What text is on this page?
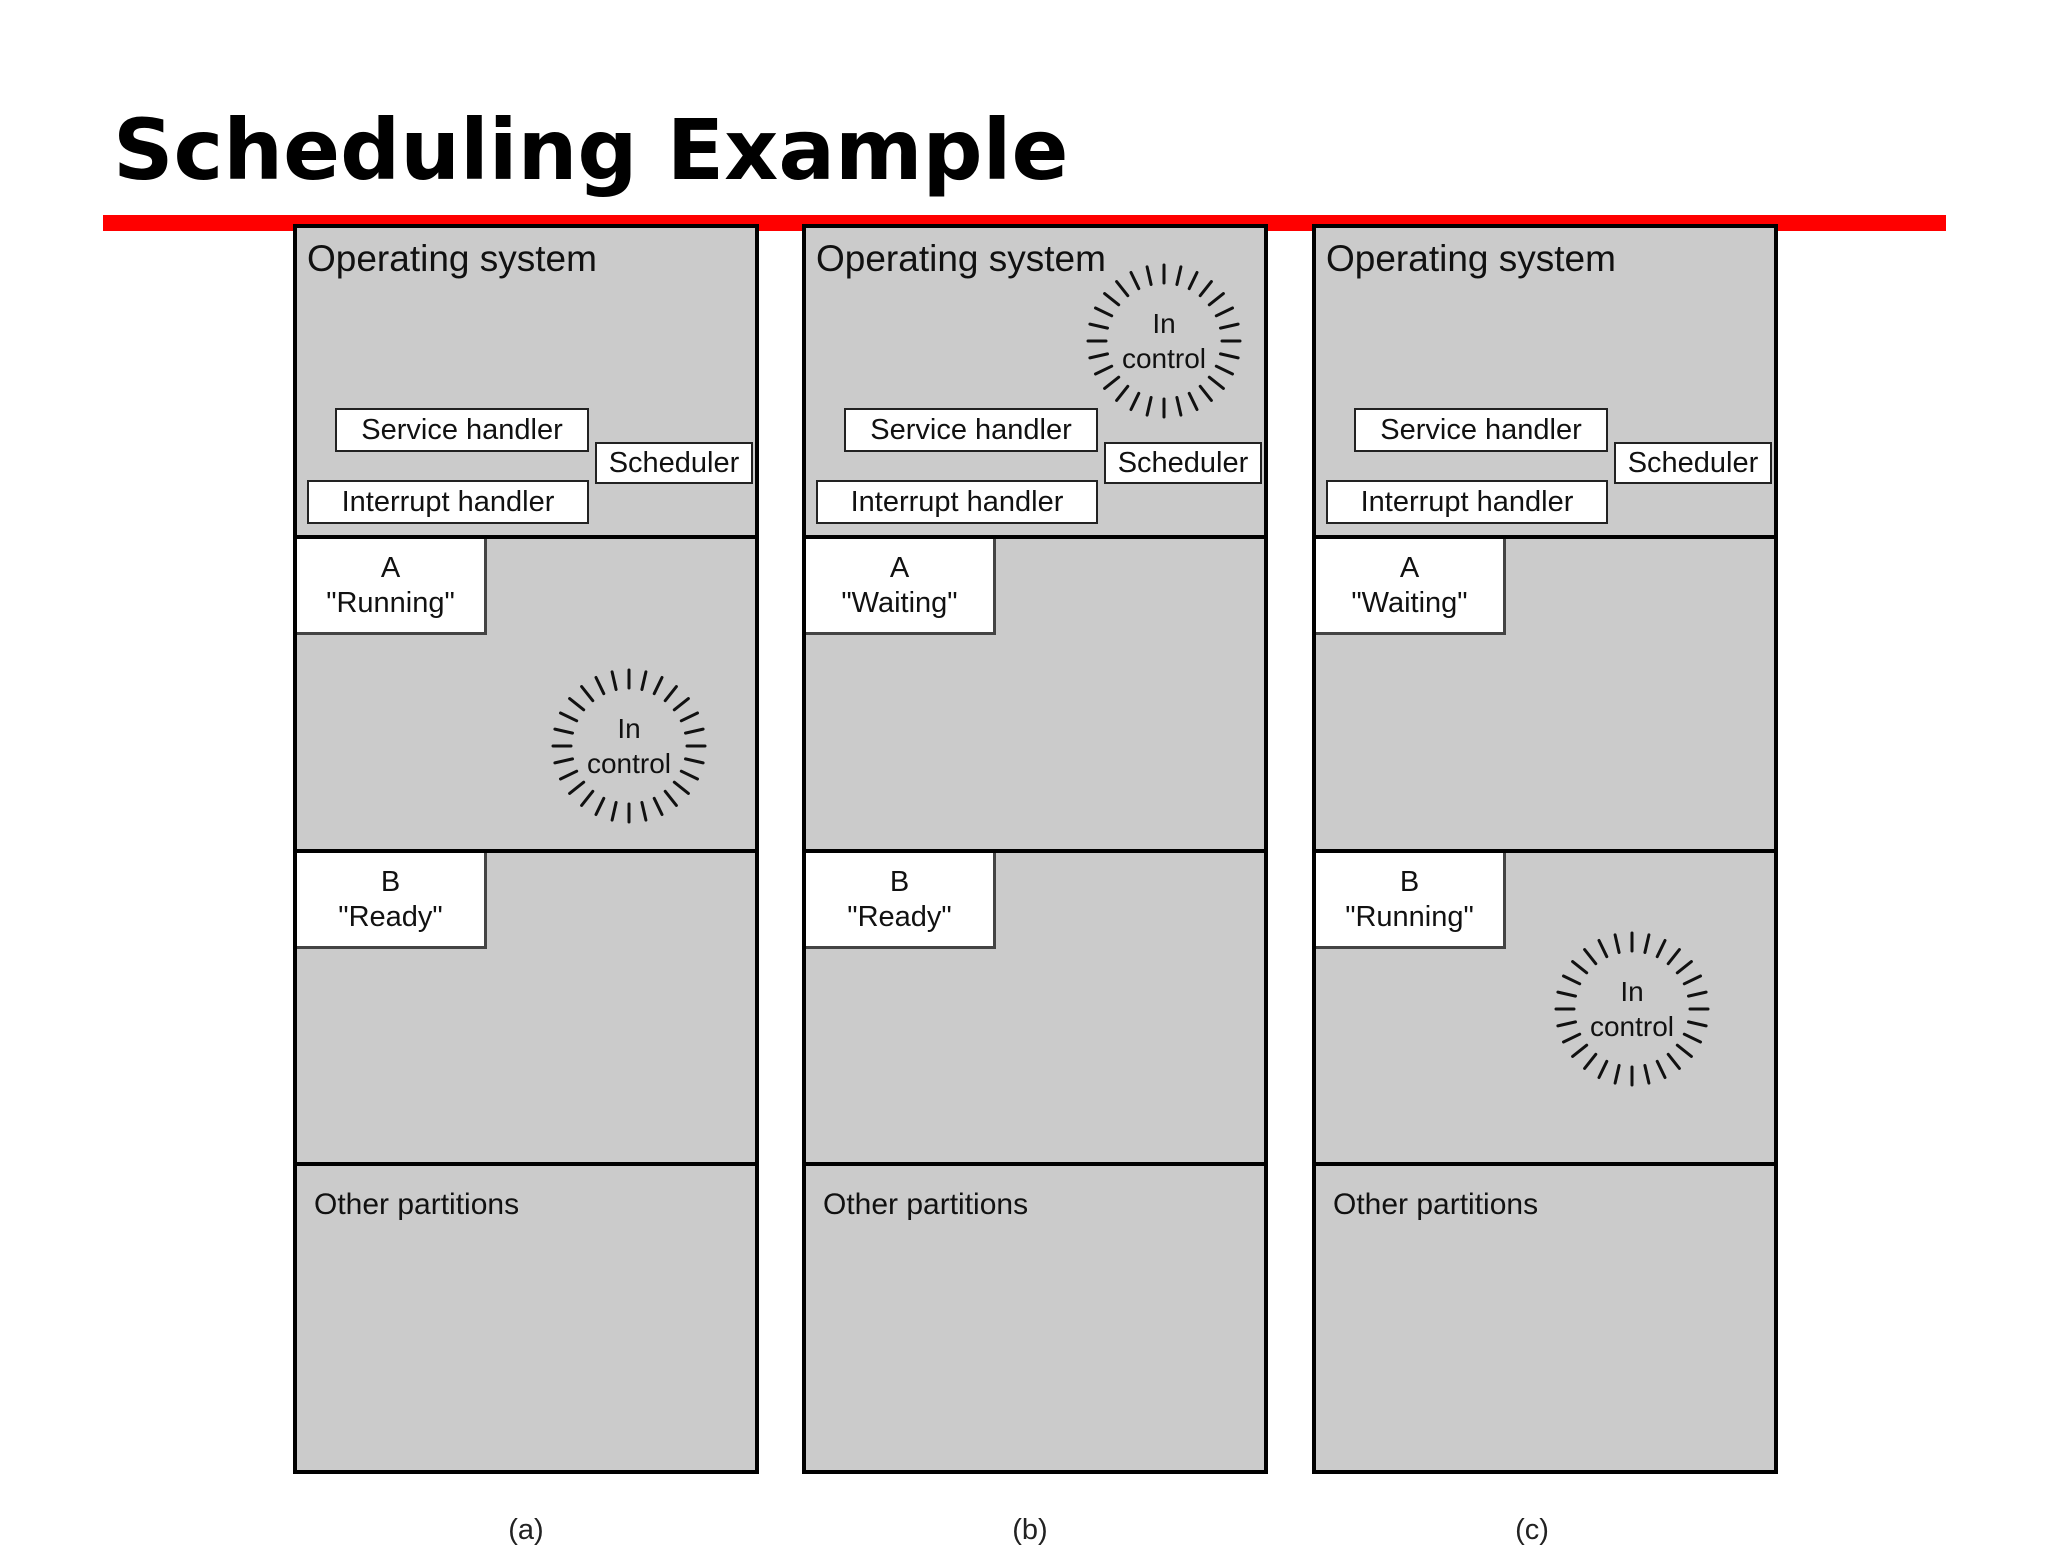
Scheduling Example
Operating system
Service handler
Scheduler
Interrupt handler
A
"Running"
In
control
B
"Ready"
Other partitions
(a)
Operating system
In
control
Service handler
Scheduler
Interrupt handler
A
"Waiting"
B
"Ready"
Other partitions
(b)
Operating system
Service handler
Scheduler
Interrupt handler
A
"Waiting"
B
"Running"
In
control
Other partitions
(c)
